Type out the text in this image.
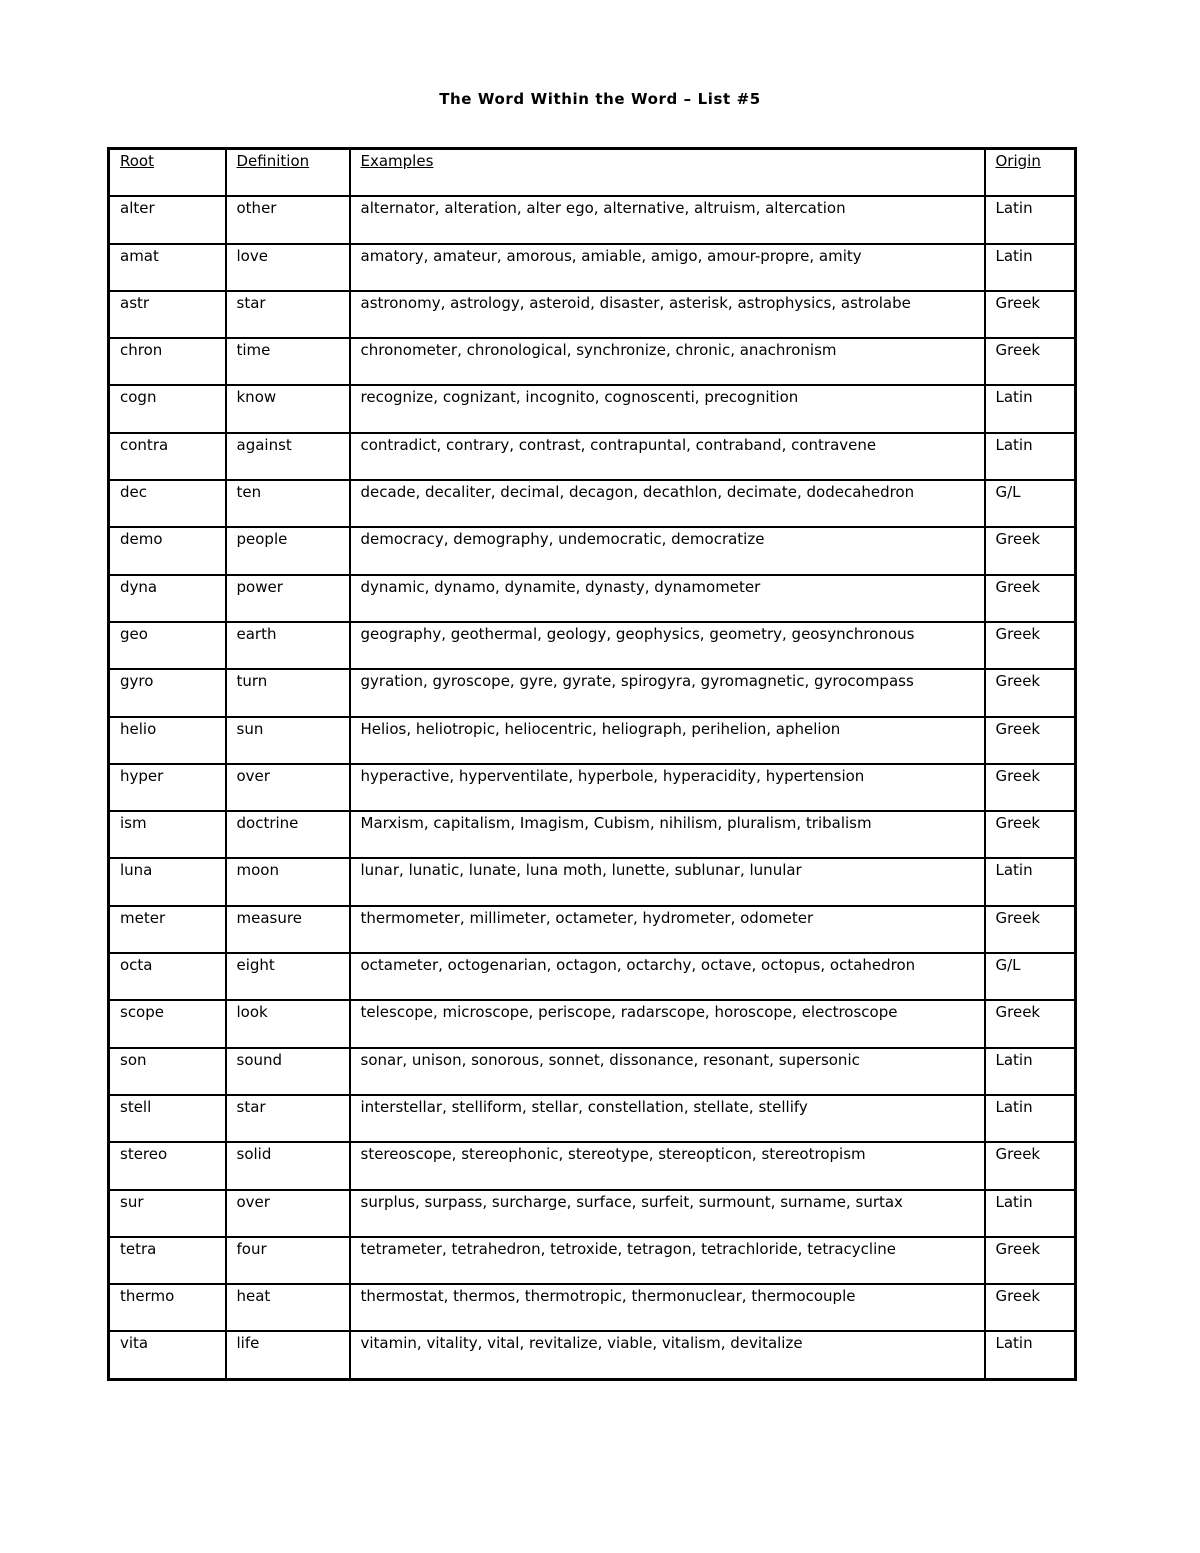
The Word Within the Word – List #5
Root	Definition	Examples	Origin

alter	other	alternator, alteration, alter ego, alternative, altruism, altercation	Latin

amat	love	amatory, amateur, amorous, amiable, amigo, amour-propre, amity	Latin

astr	star	astronomy, astrology, asteroid, disaster, asterisk, astrophysics, astrolabe	Greek

chron	time	chronometer, chronological, synchronize, chronic, anachronism	Greek

cogn	know	recognize, cognizant, incognito, cognoscenti, precognition	Latin

contra	against	contradict, contrary, contrast, contrapuntal, contraband, contravene	Latin

dec	ten	decade, decaliter, decimal, decagon, decathlon, decimate, dodecahedron	G/L

demo	people	democracy, demography, undemocratic, democratize	Greek

dyna	power	dynamic, dynamo, dynamite, dynasty, dynamometer	Greek

geo	earth	geography, geothermal, geology, geophysics, geometry, geosynchronous	Greek

gyro	turn	gyration, gyroscope, gyre, gyrate, spirogyra, gyromagnetic, gyrocompass	Greek

helio	sun	Helios, heliotropic, heliocentric, heliograph, perihelion, aphelion	Greek

hyper	over	hyperactive, hyperventilate, hyperbole, hyperacidity, hypertension	Greek

ism	doctrine	Marxism, capitalism, Imagism, Cubism, nihilism, pluralism, tribalism	Greek

luna	moon	lunar, lunatic, lunate, luna moth, lunette, sublunar, lunular	Latin

meter	measure	thermometer, millimeter, octameter, hydrometer, odometer	Greek

octa	eight	octameter, octogenarian, octagon, octarchy, octave, octopus, octahedron	G/L

scope	look	telescope, microscope, periscope, radarscope, horoscope, electroscope	Greek

son	sound	sonar, unison, sonorous, sonnet, dissonance, resonant, supersonic	Latin

stell	star	interstellar, stelliform, stellar, constellation, stellate, stellify	Latin

stereo	solid	stereoscope, stereophonic, stereotype, stereopticon, stereotropism	Greek

sur	over	surplus, surpass, surcharge, surface, surfeit, surmount, surname, surtax	Latin

tetra	four	tetrameter, tetrahedron, tetroxide, tetragon, tetrachloride, tetracycline	Greek

thermo	heat	thermostat, thermos, thermotropic, thermonuclear, thermocouple	Greek

vita	life	vitamin, vitality, vital, revitalize, viable, vitalism, devitalize	Latin
